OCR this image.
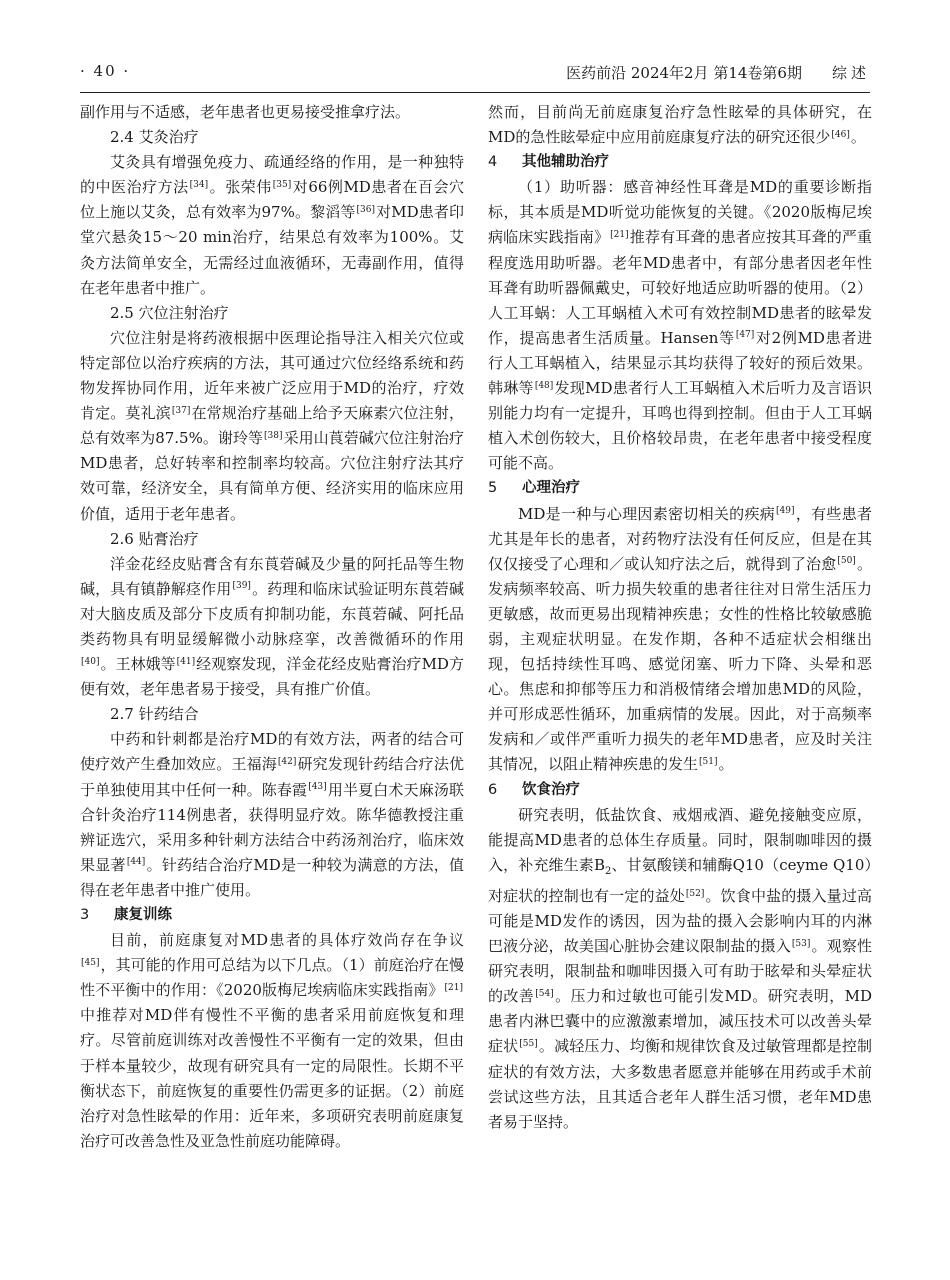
· 40 ·	医药前沿 2024年2月 第14卷第6期 综述

副作用与不适感，老年患者也更易接受推拿疗法。

2.4 艾灸治疗

艾灸具有增强免疫力、疏通经络的作用，是一种独特的中医治疗方法[34]。张荣伟[35]对66例MD患者在百会穴位上施以艾灸，总有效率为97%。黎滔等[36]对MD患者印堂穴悬灸15～20 min治疗，结果总有效率为100%。艾灸方法简单安全，无需经过血液循环，无毒副作用，值得在老年患者中推广。

2.5 穴位注射治疗

穴位注射是将药液根据中医理论指导注入相关穴位或特定部位以治疗疾病的方法，其可通过穴位经络系统和药物发挥协同作用，近年来被广泛应用于MD的治疗，疗效肯定。莫礼滨[37]在常规治疗基础上给予天麻素穴位注射，总有效率为87.5%。谢玲等[38]采用山莨菪碱穴位注射治疗MD患者，总好转率和控制率均较高。穴位注射疗法其疗效可靠，经济安全，具有简单方便、经济实用的临床应用价值，适用于老年患者。

2.6 贴膏治疗

洋金花经皮贴膏含有东莨菪碱及少量的阿托品等生物碱，具有镇静解痉作用[39]。药理和临床试验证明东莨菪碱对大脑皮质及部分下皮质有抑制功能，东莨菪碱、阿托品类药物具有明显缓解微小动脉痉挛，改善微循环的作用[40]。王林娥等[41]经观察发现，洋金花经皮贴膏治疗MD方便有效，老年患者易于接受，具有推广价值。

2.7 针药结合

中药和针刺都是治疗MD的有效方法，两者的结合可使疗效产生叠加效应。王福海[42]研究发现针药结合疗法优于单独使用其中任何一种。陈春霞[43]用半夏白术天麻汤联合针灸治疗114例患者，获得明显疗效。陈华德教授注重辨证选穴，采用多种针刺方法结合中药汤剂治疗，临床效果显著[44]。针药结合治疗MD是一种较为满意的方法，值得在老年患者中推广使用。

3 康复训练

目前，前庭康复对MD患者的具体疗效尚存在争议[45]，其可能的作用可总结为以下几点。（1）前庭治疗在慢性不平衡中的作用：《2020版梅尼埃病临床实践指南》[21]中推荐对MD伴有慢性不平衡的患者采用前庭恢复和理疗。尽管前庭训练对改善慢性不平衡有一定的效果，但由于样本量较少，故现有研究具有一定的局限性。长期不平衡状态下，前庭恢复的重要性仍需更多的证据。（2）前庭治疗对急性眩晕的作用：近年来，多项研究表明前庭康复治疗可改善急性及亚急性前庭功能障碍。

然而，目前尚无前庭康复治疗急性眩晕的具体研究，在MD的急性眩晕症中应用前庭康复疗法的研究还很少[46]。

4 其他辅助治疗

（1）助听器：感音神经性耳聋是MD的重要诊断指标，其本质是MD听觉功能恢复的关键。《2020版梅尼埃病临床实践指南》[21]推荐有耳聋的患者应按其耳聋的严重程度选用助听器。老年MD患者中，有部分患者因老年性耳聋有助听器佩戴史，可较好地适应助听器的使用。（2）人工耳蜗：人工耳蜗植入术可有效控制MD患者的眩晕发作，提高患者生活质量。Hansen等[47]对2例MD患者进行人工耳蜗植入，结果显示其均获得了较好的预后效果。韩琳等[48]发现MD患者行人工耳蜗植入术后听力及言语识别能力均有一定提升，耳鸣也得到控制。但由于人工耳蜗植入术创伤较大，且价格较昂贵，在老年患者中接受程度可能不高。

5 心理治疗

MD是一种与心理因素密切相关的疾病[49]，有些患者尤其是年长的患者，对药物疗法没有任何反应，但是在其仅仅接受了心理和／或认知疗法之后，就得到了治愈[50]。发病频率较高、听力损失较重的患者往往对日常生活压力更敏感，故而更易出现精神疾患；女性的性格比较敏感脆弱，主观症状明显。在发作期，各种不适症状会相继出现，包括持续性耳鸣、感觉闭塞、听力下降、头晕和恶心。焦虑和抑郁等压力和消极情绪会增加患MD的风险，并可形成恶性循环，加重病情的发展。因此，对于高频率发病和／或伴严重听力损失的老年MD患者，应及时关注其情况，以阻止精神疾患的发生[51]。

6 饮食治疗

研究表明，低盐饮食、戒烟戒酒、避免接触变应原，能提高MD患者的总体生存质量。同时，限制咖啡因的摄入，补充维生素$B_2$、甘氨酸镁和辅酶Q10（ceyme Q10）对症状的控制也有一定的益处[52]。饮食中盐的摄入量过高可能是MD发作的诱因，因为盐的摄入会影响内耳的内淋巴液分泌，故美国心脏协会建议限制盐的摄入[53]。观察性研究表明，限制盐和咖啡因摄入可有助于眩晕和头晕症状的改善[54]。压力和过敏也可能引发MD。研究表明，MD患者内淋巴囊中的应激激素增加，减压技术可以改善头晕症状[55]。减轻压力、均衡和规律饮食及过敏管理都是控制症状的有效方法，大多数患者愿意并能够在用药或手术前尝试这些方法，且其适合老年人群生活习惯，老年MD患者易于坚持。
